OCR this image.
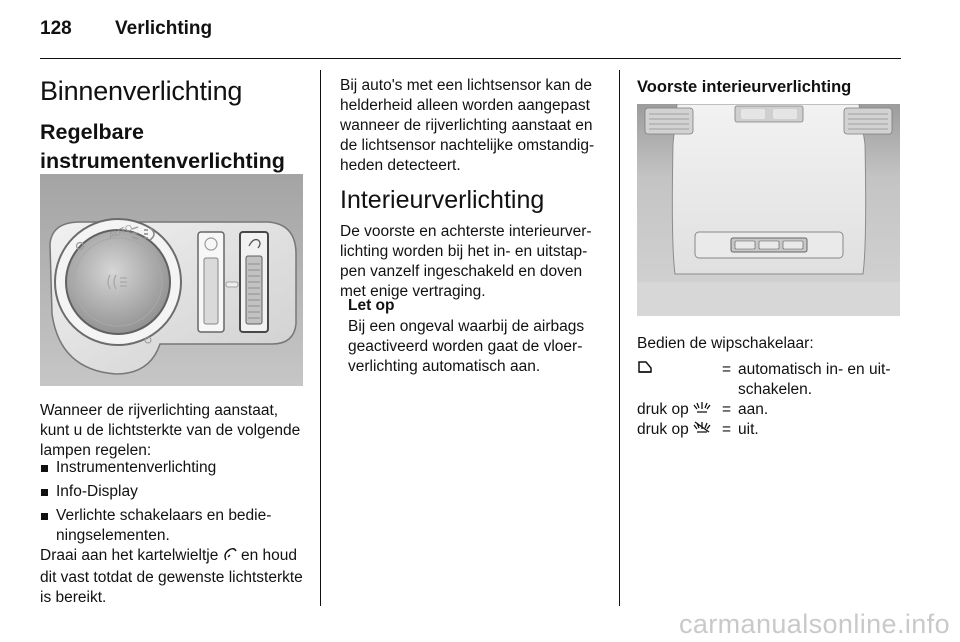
128 Verlichting
Binnenverlichting
Regelbare instrumentenverlichting
AUTO
Wanneer de rijverlichting aanstaat, kunt u de lichtsterkte van de volgende lampen regelen:
Instrumentenverlichting
Info-Display
Verlichte schakelaars en bedieningselementen.
Draai aan het kartelwieltje  en houd dit vast totdat de gewenste lichtsterkte is bereikt.
Bij auto's met een lichtsensor kan de helderheid alleen worden aangepast wanneer de rijverlichting aanstaat en de lichtsensor nachtelijke omstandigheden detecteert.
Interieurverlichting
De voorste en achterste interieurverlichting worden bij het in- en uitstappen vanzelf ingeschakeld en doven met enige vertraging.
Let op
Bij een ongeval waarbij de airbags geactiveerd worden gaat de vloerverlichting automatisch aan.
Voorste interieurverlichting
Bedien de wipschakelaar:
= automatisch in- en uitschakelen.
druk op
= aan.
druk op
= uit.
carmanualsonline.info
